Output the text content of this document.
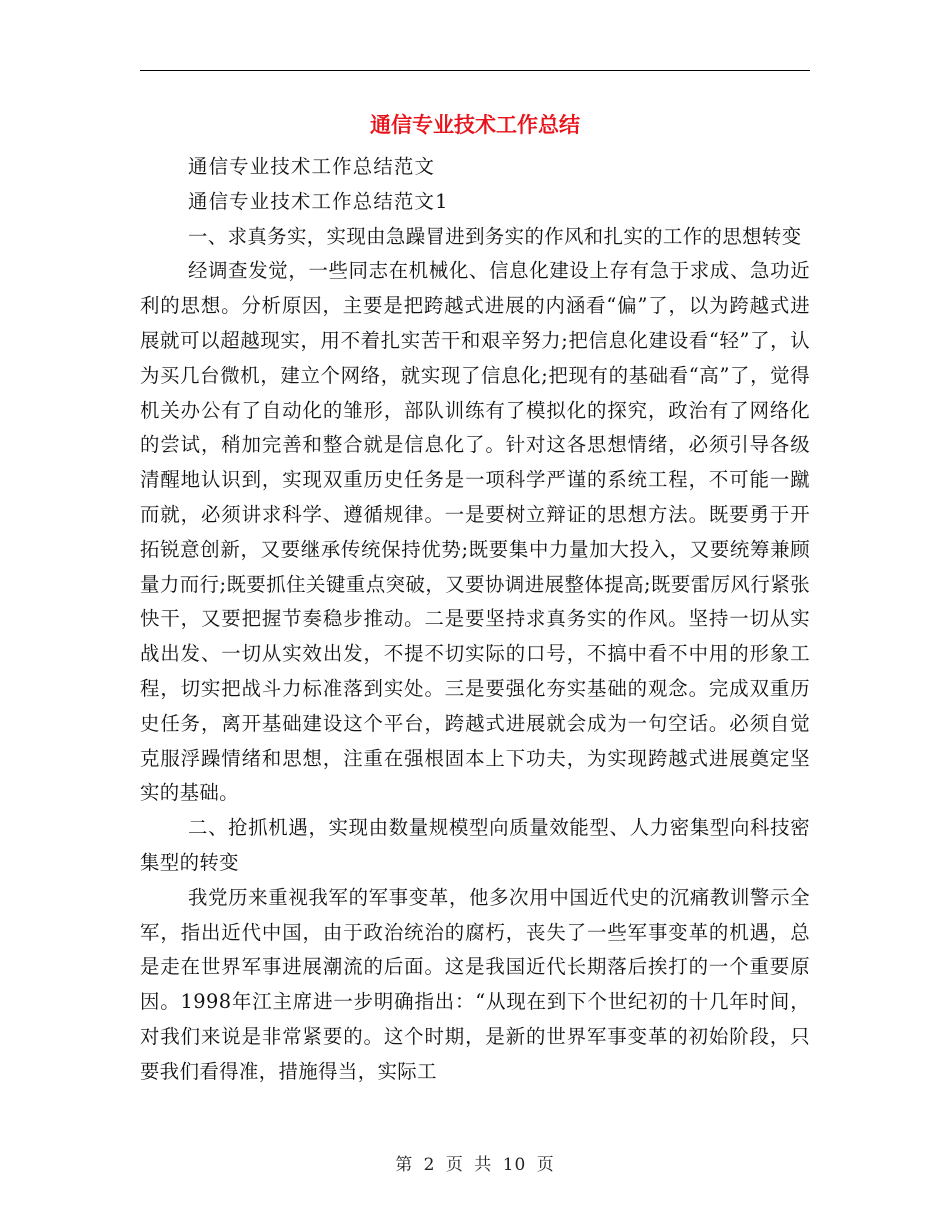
通信专业技术工作总结

通信专业技术工作总结范文

通信专业技术工作总结范文1

一、求真务实，实现由急躁冒进到务实的作风和扎实的工作的思想转变

经调查发觉，一些同志在机械化、信息化建设上存有急于求成、急功近利的思想。分析原因，主要是把跨越式进展的内涵看“偏”了，以为跨越式进展就可以超越现实，用不着扎实苦干和艰辛努力;把信息化建设看“轻”了，认为买几台微机，建立个网络，就实现了信息化;把现有的基础看“高”了，觉得机关办公有了自动化的雏形，部队训练有了模拟化的探究，政治有了网络化的尝试，稍加完善和整合就是信息化了。针对这各思想情绪，必须引导各级清醒地认识到，实现双重历史任务是一项科学严谨的系统工程，不可能一蹴而就，必须讲求科学、遵循规律。一是要树立辩证的思想方法。既要勇于开拓锐意创新，又要继承传统保持优势;既要集中力量加大投入，又要统筹兼顾量力而行;既要抓住关键重点突破，又要协调进展整体提高;既要雷厉风行紧张快干，又要把握节奏稳步推动。二是要坚持求真务实的作风。坚持一切从实战出发、一切从实效出发，不提不切实际的口号，不搞中看不中用的形象工程，切实把战斗力标准落到实处。三是要强化夯实基础的观念。完成双重历史任务，离开基础建设这个平台，跨越式进展就会成为一句空话。必须自觉克服浮躁情绪和思想，注重在强根固本上下功夫，为实现跨越式进展奠定坚实的基础。

二、抢抓机遇，实现由数量规模型向质量效能型、人力密集型向科技密集型的转变

我党历来重视我军的军事变革，他多次用中国近代史的沉痛教训警示全军，指出近代中国，由于政治统治的腐朽，丧失了一些军事变革的机遇，总是走在世界军事进展潮流的后面。这是我国近代长期落后挨打的一个重要原因。1998年江主席进一步明确指出：“从现在到下个世纪初的十几年时间，对我们来说是非常紧要的。这个时期，是新的世界军事变革的初始阶段，只要我们看得准，措施得当，实际工

第 2 页 共 10 页
